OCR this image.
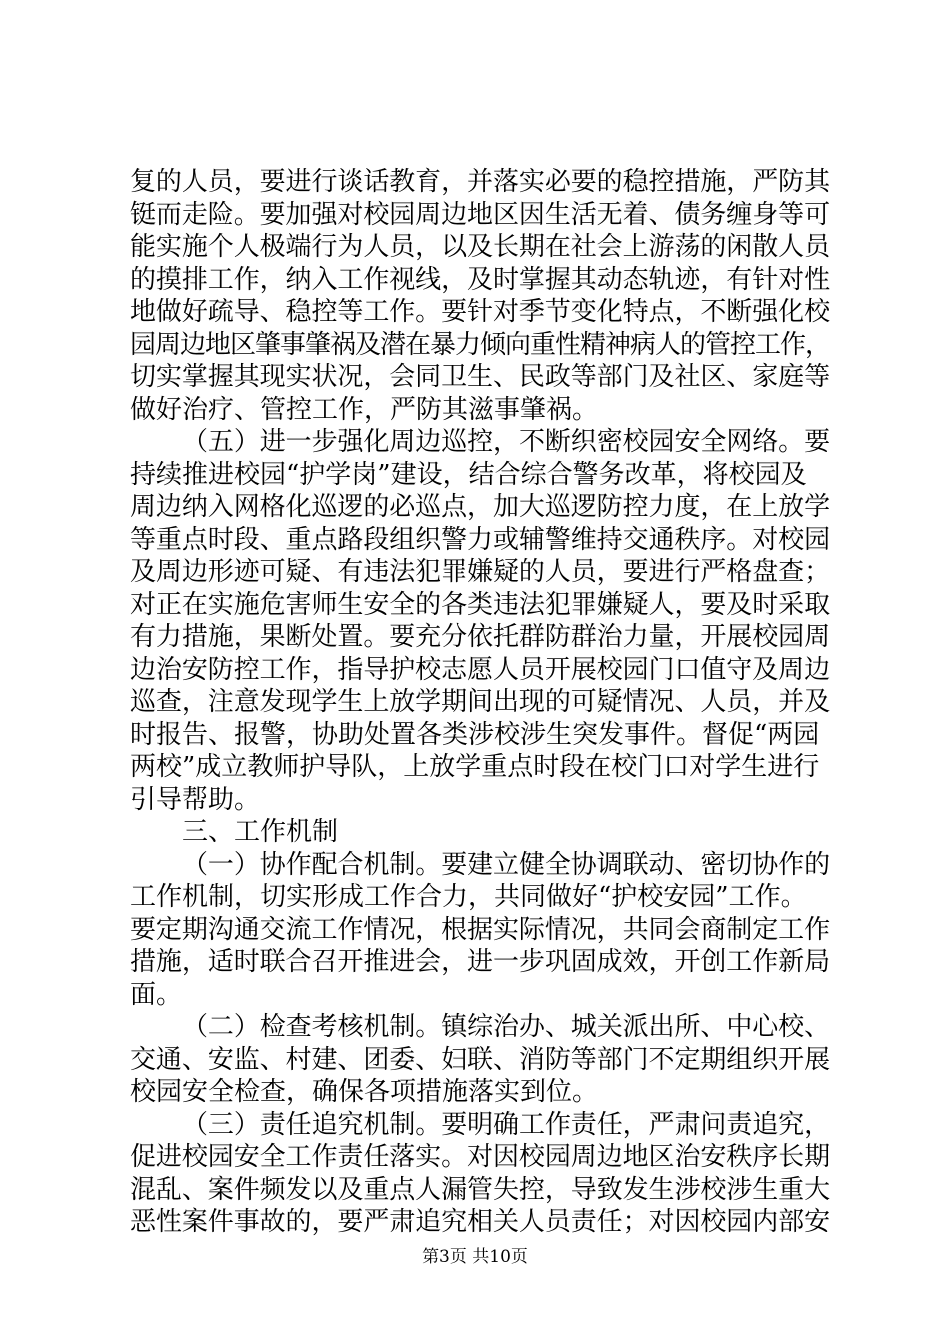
复的人员，要进行谈话教育，并落实必要的稳控措施，严防其
铤而走险。要加强对校园周边地区因生活无着、债务缠身等可
能实施个人极端行为人员，以及长期在社会上游荡的闲散人员
的摸排工作，纳入工作视线，及时掌握其动态轨迹，有针对性
地做好疏导、稳控等工作。要针对季节变化特点，不断强化校
园周边地区肇事肇祸及潜在暴力倾向重性精神病人的管控工作，
切实掌握其现实状况，会同卫生、民政等部门及社区、家庭等
做好治疗、管控工作，严防其滋事肇祸。
（五）进一步强化周边巡控，不断织密校园安全网络。要
持续推进校园“护学岗”建设，结合综合警务改革，将校园及
周边纳入网格化巡逻的必巡点，加大巡逻防控力度，在上放学
等重点时段、重点路段组织警力或辅警维持交通秩序。对校园
及周边形迹可疑、有违法犯罪嫌疑的人员，要进行严格盘查；
对正在实施危害师生安全的各类违法犯罪嫌疑人，要及时采取
有力措施，果断处置。要充分依托群防群治力量，开展校园周
边治安防控工作，指导护校志愿人员开展校园门口值守及周边
巡查，注意发现学生上放学期间出现的可疑情况、人员，并及
时报告、报警，协助处置各类涉校涉生突发事件。督促“两园
两校”成立教师护导队，上放学重点时段在校门口对学生进行
引导帮助。
三、工作机制
（一）协作配合机制。要建立健全协调联动、密切协作的
工作机制，切实形成工作合力，共同做好“护校安园”工作。
要定期沟通交流工作情况，根据实际情况，共同会商制定工作
措施，适时联合召开推进会，进一步巩固成效，开创工作新局
面。
（二）检查考核机制。镇综治办、城关派出所、中心校、
交通、安监、村建、团委、妇联、消防等部门不定期组织开展
校园安全检查，确保各项措施落实到位。
（三）责任追究机制。要明确工作责任，严肃问责追究，
促进校园安全工作责任落实。对因校园周边地区治安秩序长期
混乱、案件频发以及重点人漏管失控，导致发生涉校涉生重大
恶性案件事故的，要严肃追究相关人员责任；对因校园内部安
第3页 共10页
